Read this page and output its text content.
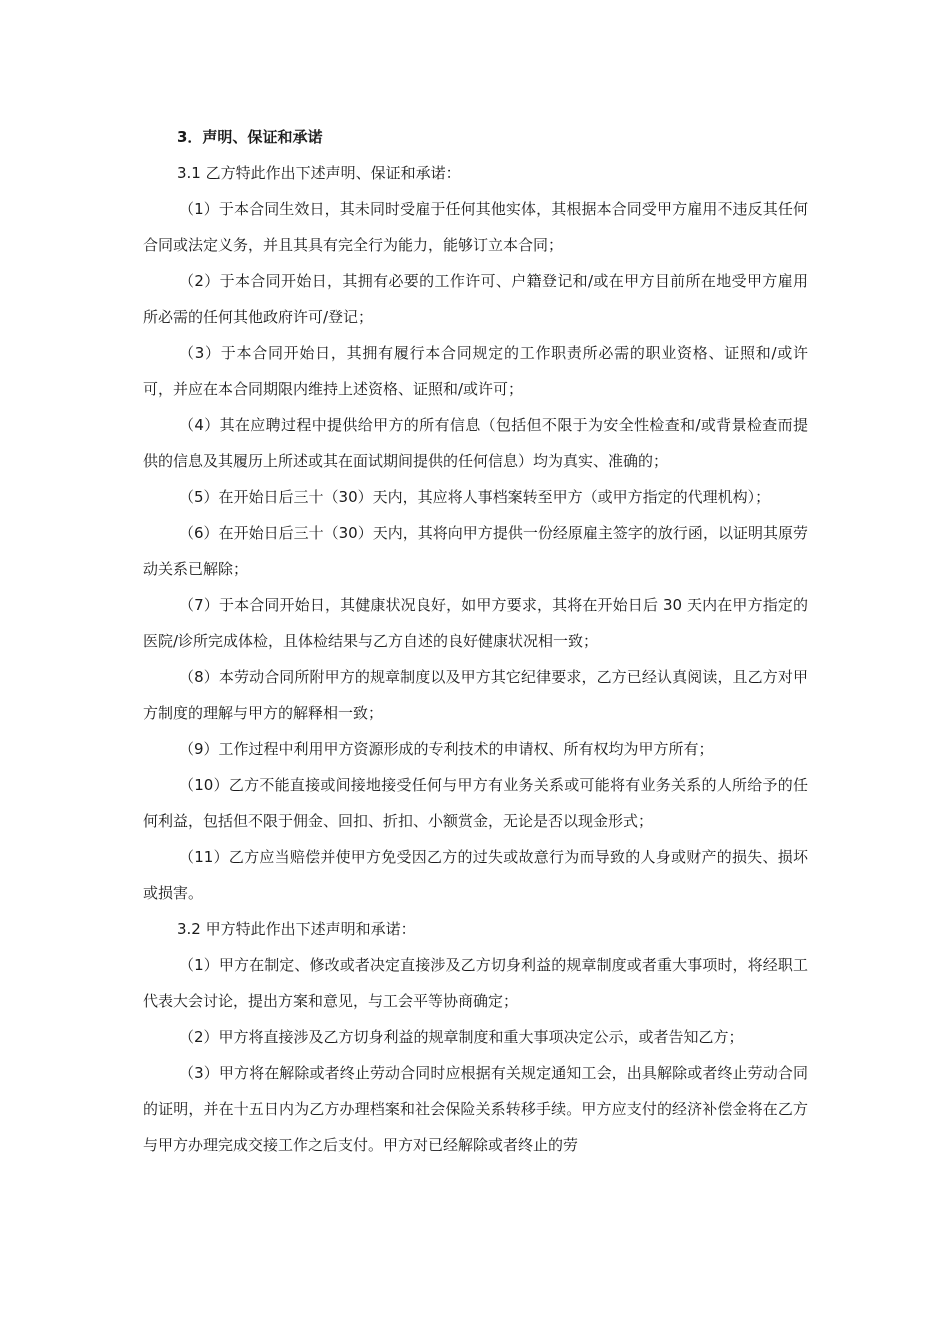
3．声明、保证和承诺

3.1 乙方特此作出下述声明、保证和承诺：

（1）于本合同生效日，其未同时受雇于任何其他实体，其根据本合同受甲方雇用不违反其任何合同或法定义务，并且其具有完全行为能力，能够订立本合同；

（2）于本合同开始日，其拥有必要的工作许可、户籍登记和/或在甲方目前所在地受甲方雇用所必需的任何其他政府许可/登记；

（3）于本合同开始日，其拥有履行本合同规定的工作职责所必需的职业资格、证照和/或许可，并应在本合同期限内维持上述资格、证照和/或许可；

（4）其在应聘过程中提供给甲方的所有信息（包括但不限于为安全性检查和/或背景检查而提供的信息及其履历上所述或其在面试期间提供的任何信息）均为真实、准确的；

（5）在开始日后三十（30）天内，其应将人事档案转至甲方（或甲方指定的代理机构）；

（6）在开始日后三十（30）天内，其将向甲方提供一份经原雇主签字的放行函，以证明其原劳动关系已解除；

（7）于本合同开始日，其健康状况良好，如甲方要求，其将在开始日后 30 天内在甲方指定的医院/诊所完成体检，且体检结果与乙方自述的良好健康状况相一致；

（8）本劳动合同所附甲方的规章制度以及甲方其它纪律要求，乙方已经认真阅读，且乙方对甲方制度的理解与甲方的解释相一致；

（9）工作过程中利用甲方资源形成的专利技术的申请权、所有权均为甲方所有；

（10）乙方不能直接或间接地接受任何与甲方有业务关系或可能将有业务关系的人所给予的任何利益，包括但不限于佣金、回扣、折扣、小额赏金，无论是否以现金形式；

（11）乙方应当赔偿并使甲方免受因乙方的过失或故意行为而导致的人身或财产的损失、损坏或损害。

3.2 甲方特此作出下述声明和承诺：

（1）甲方在制定、修改或者决定直接涉及乙方切身利益的规章制度或者重大事项时，将经职工代表大会讨论，提出方案和意见，与工会平等协商确定；

（2）甲方将直接涉及乙方切身利益的规章制度和重大事项决定公示，或者告知乙方；

（3）甲方将在解除或者终止劳动合同时应根据有关规定通知工会，出具解除或者终止劳动合同的证明，并在十五日内为乙方办理档案和社会保险关系转移手续。甲方应支付的经济补偿金将在乙方与甲方办理完成交接工作之后支付。甲方对已经解除或者终止的劳
